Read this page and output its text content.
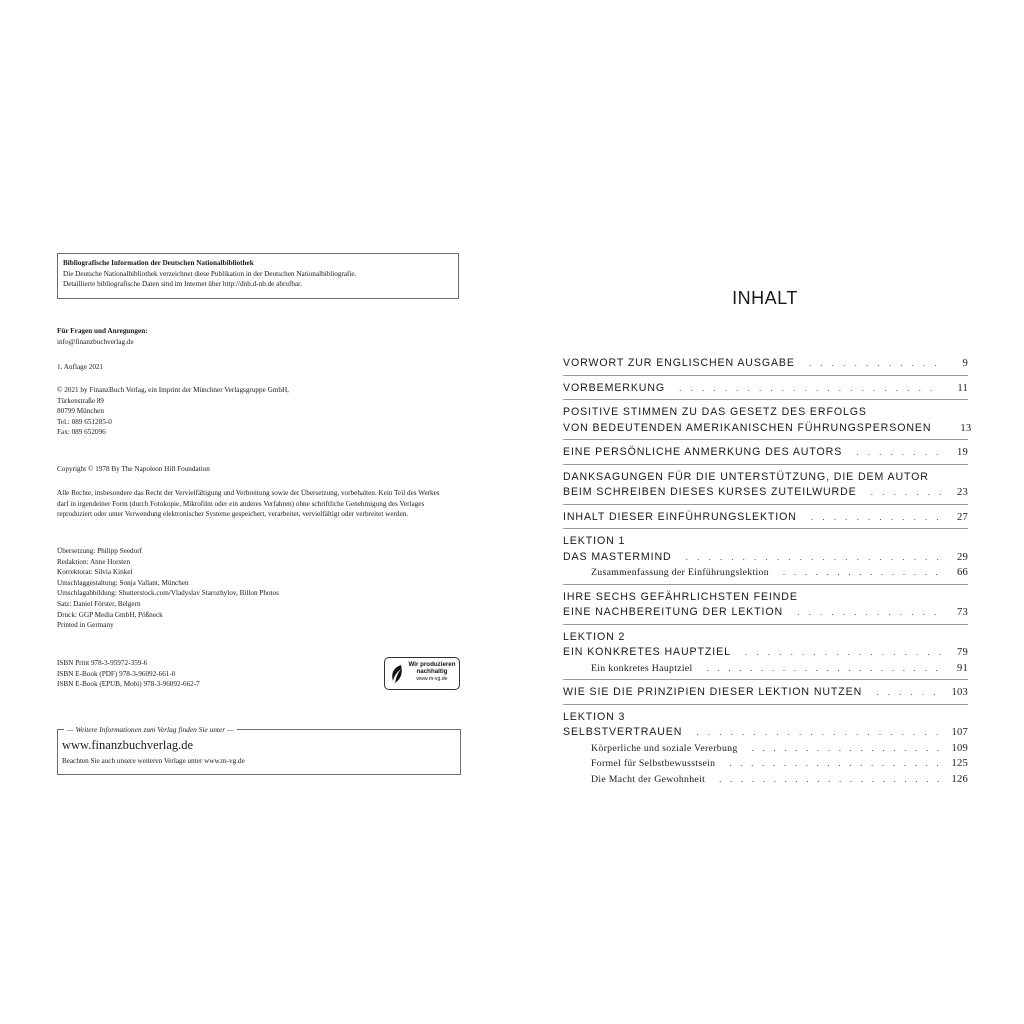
Bibliografische Information der Deutschen Nationalbibliothek
Die Deutsche Nationalbibliothek verzeichnet diese Publikation in der Deutschen Nationalbibliografie.
Detaillierte bibliografische Daten sind im Internet über http://dnb.d-nb.de abrufbar.
Für Fragen und Anregungen:
info@finanzbuchverlag.de
1. Auflage 2021
© 2021 by FinanzBuch Verlag, ein Imprint der Münchner Verlagsgruppe GmbH,
Türkenstraße 89
80799 München
Tel.: 089 651285-0
Fax: 089 652096
Copyright © 1978 By The Napoleon Hill Foundation
Alle Rechte, insbesondere das Recht der Vervielfältigung und Verbreitung sowie der Übersetzung, vorbehalten. Kein Teil des Werkes
darf in irgendeiner Form (durch Fotokopie, Mikrofilm oder ein anderes Verfahren) ohne schriftliche Genehmigung des Verlages
reproduziert oder unter Verwendung elektronischer Systeme gespeichert, verarbeitet, vervielfältigt oder verbreitet werden.
Übersetzung: Philipp Seedorf
Redaktion: Anne Horsten
Korrektorat: Silvia Kinkel
Umschlaggestaltung: Sonja Vallant, München
Umschlagabbildung: Shutterstock.com/Vladyslav Starozhylov, Billon Photos
Satz: Daniel Förster, Belgern
Druck: GGP Media GmbH, Pößneck
Printed in Germany
ISBN Print 978-3-95972-359-6
ISBN E-Book (PDF) 978-3-96092-661-0
ISBN E-Book (EPUB, Mobi) 978-3-96092-662-7
Wir produzieren
nachhaltig
www.m-vg.de
— Weitere Informationen zum Verlag finden Sie unter —
www.finanzbuchverlag.de
Beachten Sie auch unsere weiteren Verlage unter www.m-vg.de
INHALT
VORWORT ZUR ENGLISCHEN AUSGABE . . .	9
VORBEMERKUNG . . .	11
POSITIVE STIMMEN ZU DAS GESETZ DES ERFOLGS
VON BEDEUTENDEN AMERIKANISCHEN FÜHRUNGSPERSONEN	13
EINE PERSÖNLICHE ANMERKUNG DES AUTORS . . .	19
DANKSAGUNGEN FÜR DIE UNTERSTÜTZUNG, DIE DEM AUTOR
BEIM SCHREIBEN DIESES KURSES ZUTEILWURDE . . .	23
INHALT DIESER EINFÜHRUNGSLEKTION . . .	27
LEKTION 1
DAS MASTERMIND . . .	29
Zusammenfassung der Einführungslektion . . .	66
IHRE SECHS GEFÄHRLICHSTEN FEINDE
EINE NACHBEREITUNG DER LEKTION . . .	73
LEKTION 2
EIN KONKRETES HAUPTZIEL . . .	79
Ein konkretes Hauptziel . . .	91
WIE SIE DIE PRINZIPIEN DIESER LEKTION NUTZEN . . .	103
LEKTION 3
SELBSTVERTRAUEN . . .	107
Körperliche und soziale Vererbung . . .	109
Formel für Selbstbewusstsein . . .	125
Die Macht der Gewohnheit . . .	126
